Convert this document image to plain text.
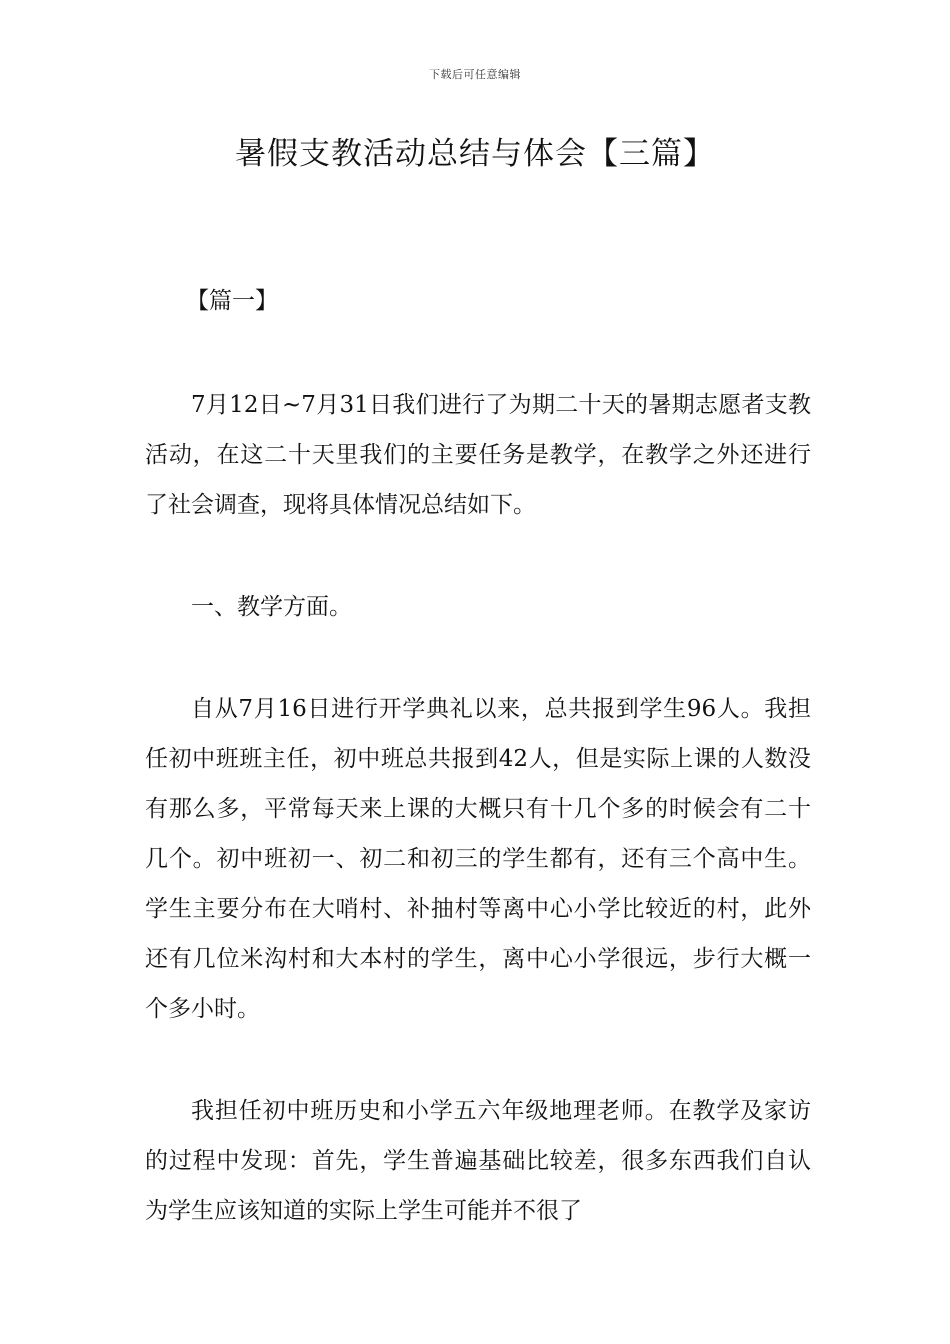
下载后可任意编辑
暑假支教活动总结与体会【三篇】
【篇一】

7月12日~7月31日我们进行了为期二十天的暑期志愿者支教活动，在这二十天里我们的主要任务是教学，在教学之外还进行了社会调查，现将具体情况总结如下。

一、教学方面。

自从7月16日进行开学典礼以来，总共报到学生96人。我担任初中班班主任，初中班总共报到42人，但是实际上课的人数没有那么多，平常每天来上课的大概只有十几个多的时候会有二十几个。初中班初一、初二和初三的学生都有，还有三个高中生。学生主要分布在大哨村、补抽村等离中心小学比较近的村，此外还有几位米沟村和大本村的学生，离中心小学很远，步行大概一个多小时。

我担任初中班历史和小学五六年级地理老师。在教学及家访的过程中发现：首先，学生普遍基础比较差，很多东西我们自认为学生应该知道的实际上学生可能并不很了
